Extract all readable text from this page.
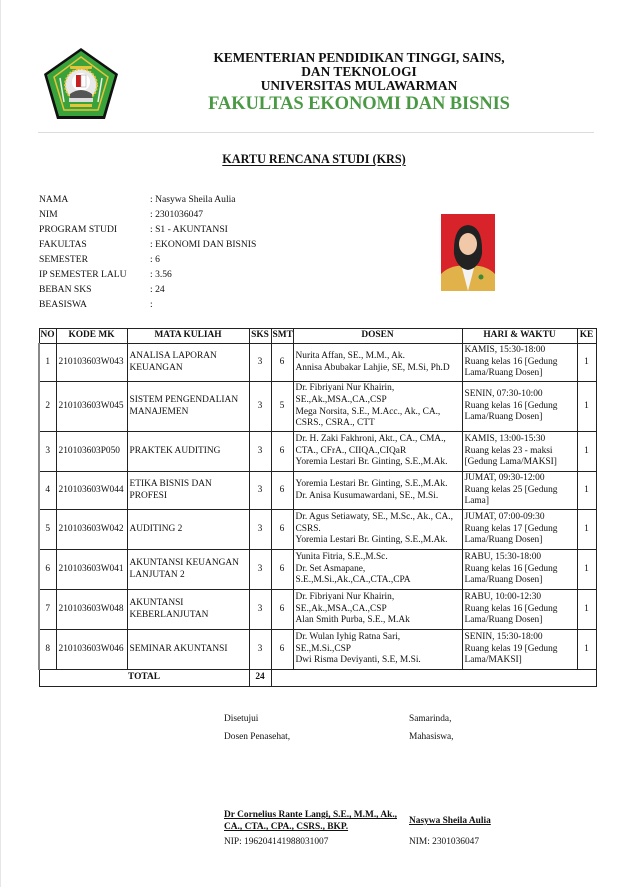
KEMENTERIAN PENDIDIKAN TINGGI, SAINS,
DAN TEKNOLOGI
UNIVERSITAS MULAWARMAN
FAKULTAS EKONOMI DAN BISNIS
KARTU RENCANA STUDI (KRS)
NAMA	: Nasywa Sheila Aulia
NIM	: 2301036047
PROGRAM STUDI	: S1 - AKUNTANSI
FAKULTAS	: EKONOMI DAN BISNIS
SEMESTER	: 6
IP SEMESTER LALU : 3.56
BEBAN SKS	: 24
BEASISWA	:
NO	KODE MK	MATA KULIAH	SKS	SMT	DOSEN	HARI & WAKTU	KE
1	210103603W043	ANALISA LAPORAN
KEUANGAN	3	6	Nurita Affan, SE., M.M., Ak.
Annisa Abubakar Lahjie, SE, M.Si, Ph.D	KAMIS, 15:30-18:00
Ruang kelas 16 [Gedung
Lama/Ruang Dosen]	1
2	210103603W045	SISTEM PENGENDALIAN
MANAJEMEN	3	5	Dr. Fibriyani Nur Khairin,
SE.,Ak.,MSA.,CA.,CSP
Mega Norsita, S.E., M.Acc., Ak., CA.,
CSRS., CSRA., CTT	SENIN, 07:30-10:00
Ruang kelas 16 [Gedung
Lama/Ruang Dosen]	1
3	210103603P050	PRAKTEK AUDITING	3	6	Dr. H. Zaki Fakhroni, Akt., CA., CMA.,
CTA., CFrA., CIIQA.,CIQaR
Yoremia Lestari Br. Ginting, S.E.,M.Ak.	KAMIS, 13:00-15:30
Ruang kelas 23 - maksi
[Gedung Lama/MAKSI]	1
4	210103603W044	ETIKA BISNIS DAN
PROFESI	3	6	Yoremia Lestari Br. Ginting, S.E.,M.Ak.
Dr. Anisa Kusumawardani, SE., M.Si.	JUMAT, 09:30-12:00
Ruang kelas 25 [Gedung
Lama]	1
5	210103603W042	AUDITING 2	3	6	Dr. Agus Setiawaty, SE., M.Sc., Ak., CA.,
CSRS.
Yoremia Lestari Br. Ginting, S.E.,M.Ak.	JUMAT, 07:00-09:30
Ruang kelas 17 [Gedung
Lama/Ruang Dosen]	1
6	210103603W041	AKUNTANSI KEUANGAN
LANJUTAN 2	3	6	Yunita Fitria, S.E.,M.Sc.
Dr. Set Asmapane,
S.E.,M.Si.,Ak.,CA.,CTA.,CPA	RABU, 15:30-18:00
Ruang kelas 16 [Gedung
Lama/Ruang Dosen]	1
7	210103603W048	AKUNTANSI
KEBERLANJUTAN	3	6	Dr. Fibriyani Nur Khairin,
SE.,Ak.,MSA.,CA.,CSP
Alan Smith Purba, S.E., M.Ak	RABU, 10:00-12:30
Ruang kelas 16 [Gedung
Lama/Ruang Dosen]	1
8	210103603W046	SEMINAR AKUNTANSI	3	6	Dr. Wulan Iyhig Ratna Sari,
SE.,M.Si.,CSP
Dwi Risma Deviyanti, S.E, M.Si.	SENIN, 15:30-18:00
Ruang kelas 19 [Gedung
Lama/MAKSI]	1
TOTAL			24				
Disetujui
Dosen Penasehat,
Samarinda,
Mahasiswa,
Dr Cornelius Rante Langi, S.E., M.M., Ak.,
CA., CTA., CPA., CSRS., BKP.
NIP: 196204141988031007
Nasywa Sheila Aulia
NIM: 2301036047
